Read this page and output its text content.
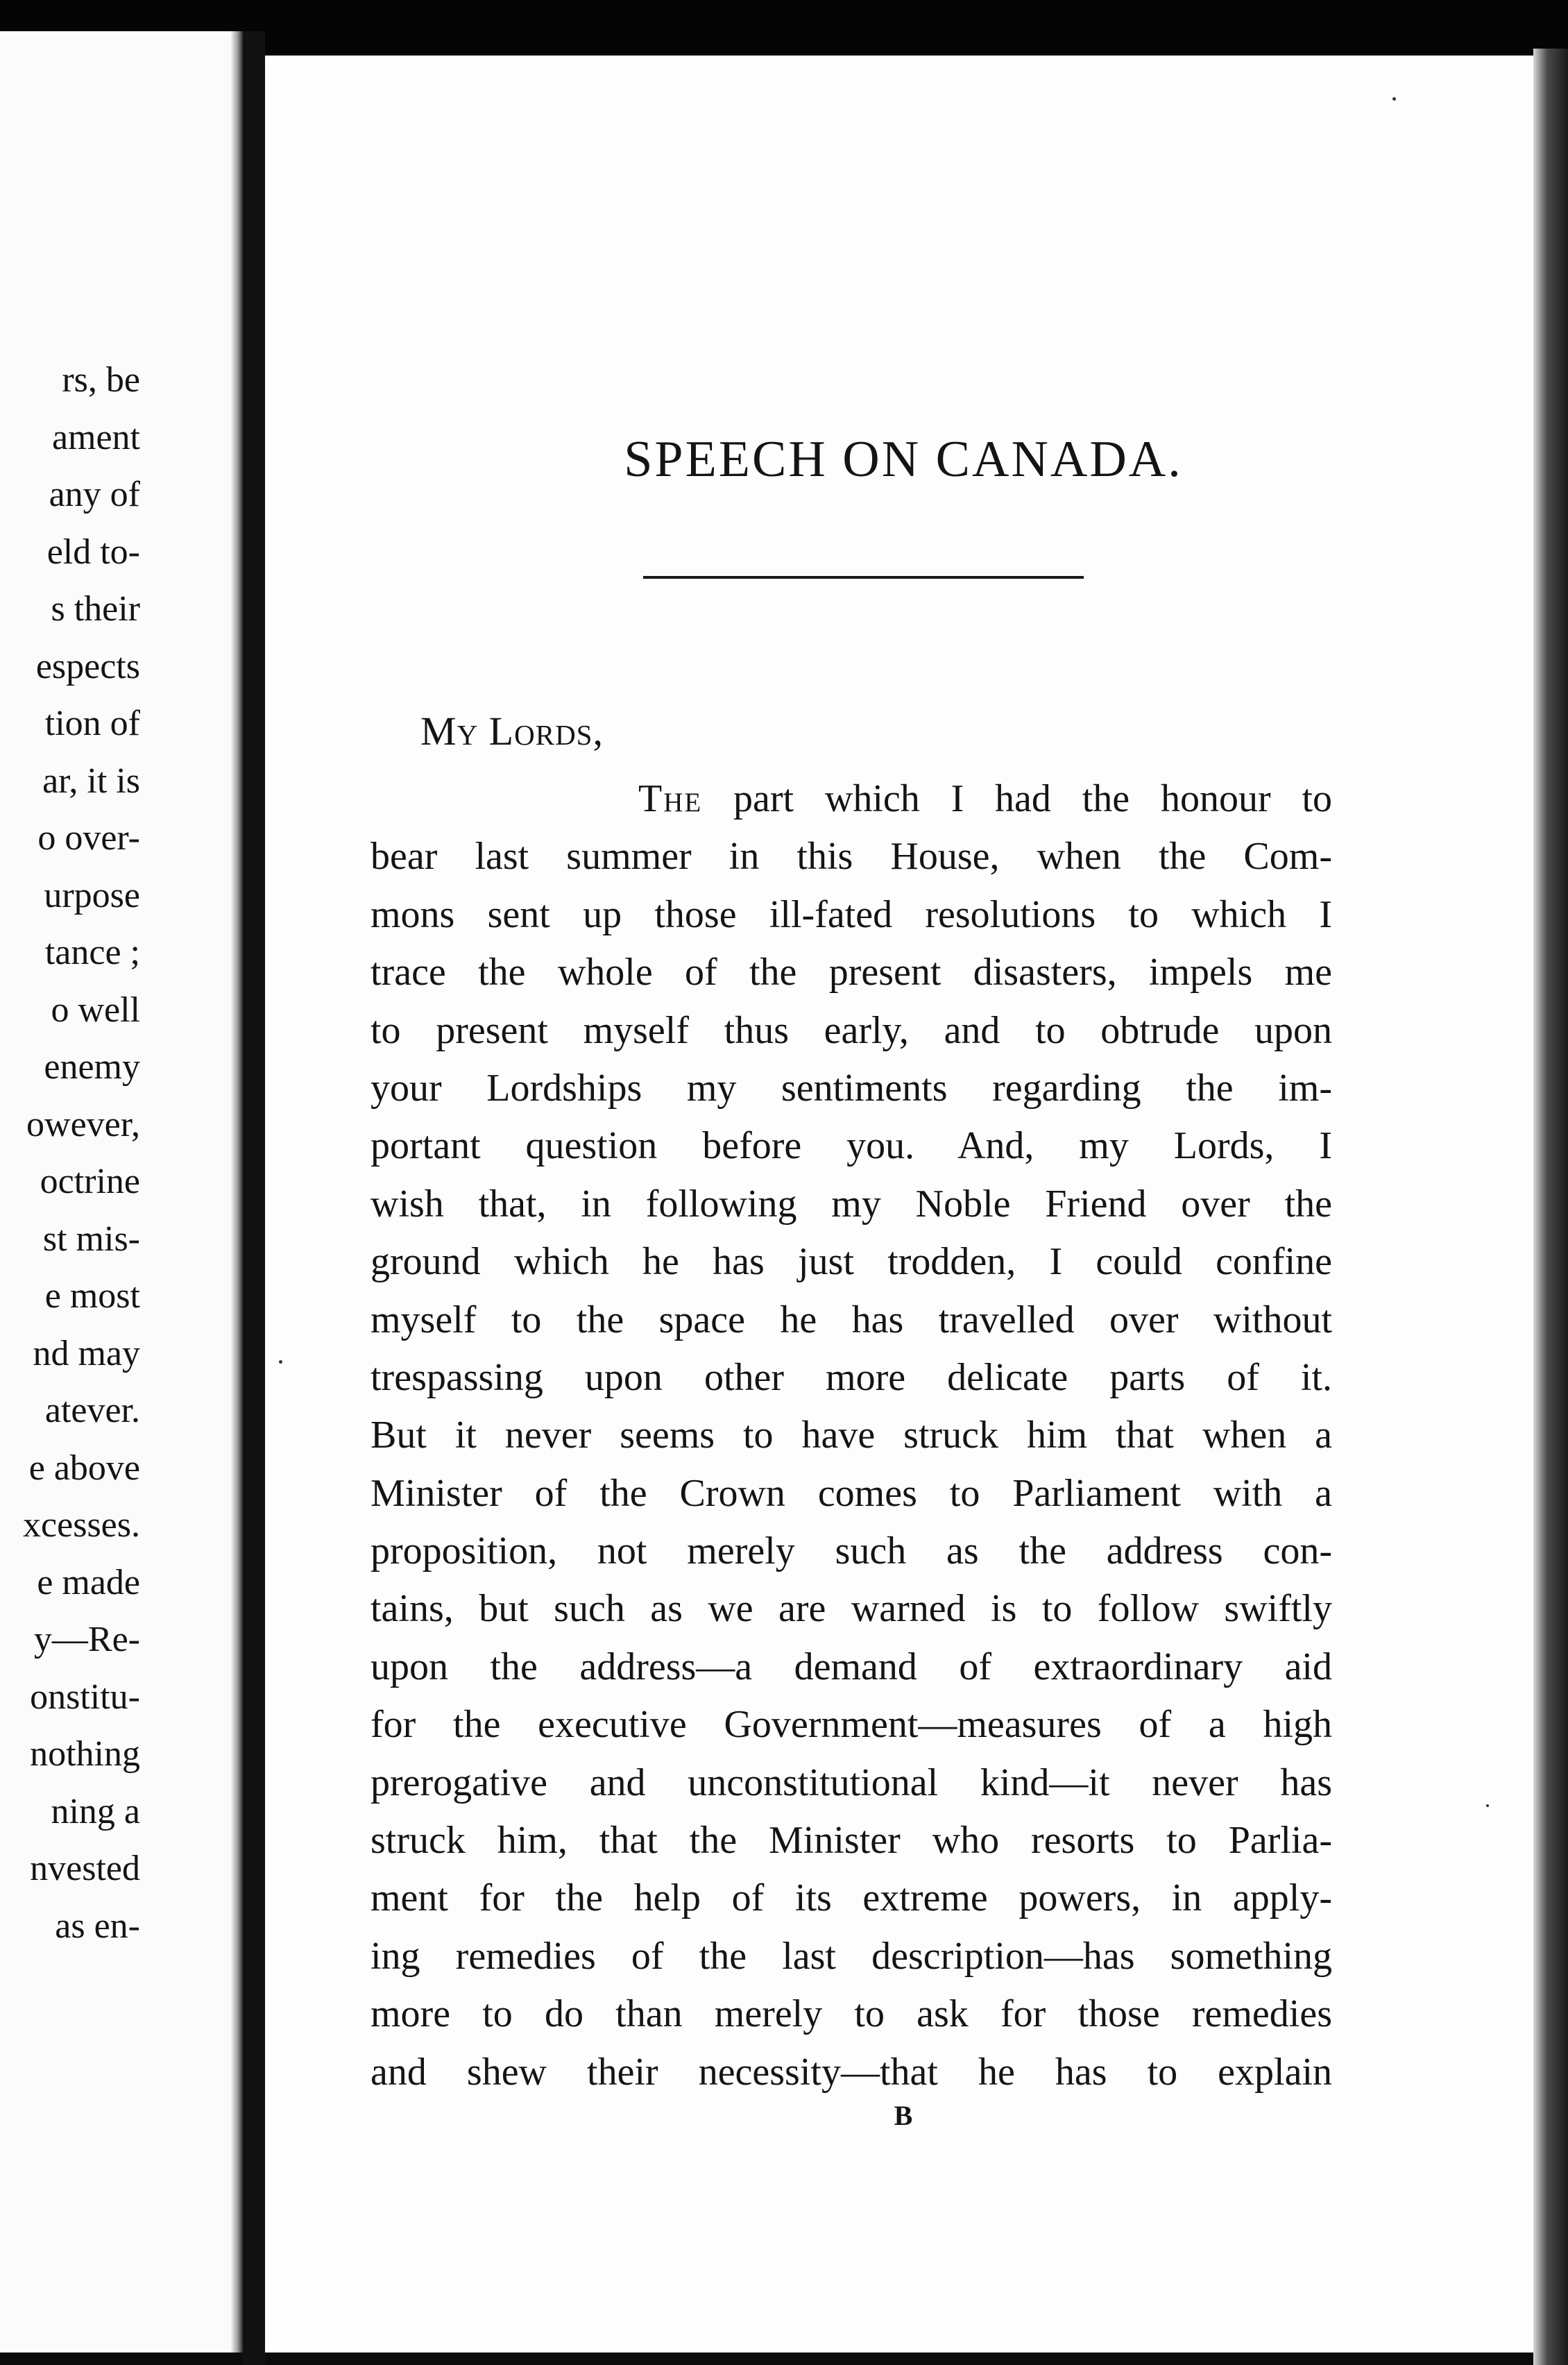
rs, be
ament
any of
eld to-
s their
espects
tion of
ar, it is
o over-
urpose
tance ;
o well
enemy
owever,
octrine
st mis-
e most
nd may
atever.
e above
xcesses.
e made
y—Re-
onstitu-
nothing
ning a
nvested
as en-
SPEECH ON CANADA.
My Lords,
The part which I had the honour to
bear last summer in this House, when the Com-
mons sent up those ill-fated resolutions to which I
trace the whole of the present disasters, impels me
to present myself thus early, and to obtrude upon
your Lordships my sentiments regarding the im-
portant question before you. And, my Lords, I
wish that, in following my Noble Friend over the
ground which he has just trodden, I could confine
myself to the space he has travelled over without
trespassing upon other more delicate parts of it.
But it never seems to have struck him that when a
Minister of the Crown comes to Parliament with a
proposition, not merely such as the address con-
tains, but such as we are warned is to follow swiftly
upon the address—a demand of extraordinary aid
for the executive Government—measures of a high
prerogative and unconstitutional kind—it never has
struck him, that the Minister who resorts to Parlia-
ment for the help of its extreme powers, in apply-
ing remedies of the last description—has something
more to do than merely to ask for those remedies
and shew their necessity—that he has to explain
B
